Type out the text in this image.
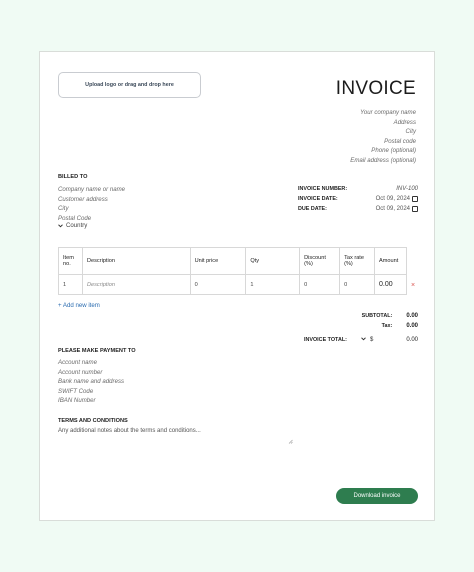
Upload logo or drag and drop here	INVOICE
Your company name
Address
City
Postal code
Phone (optional)
Email address (optional)
BILLED TO
Company name or name
Customer address
City
Postal Code
Country
INVOICE NUMBER:	INV-100
INVOICE DATE:	Oct 09, 2024
DUE DATE:	Oct 09, 2024
Item no.	Description	Unit price	Qty	Discount (%)	Tax rate (%)	Amount
1	Description	0	1	0	0	0.00	×
+ Add new item
SUBTOTAL: 0.00
Tax: 0.00
INVOICE TOTAL:	$	0.00
PLEASE MAKE PAYMENT TO
Account name
Account number
Bank name and address
SWIFT Code
IBAN Number
TERMS AND CONDITIONS
Any additional notes about the terms and conditions...
Download invoice
